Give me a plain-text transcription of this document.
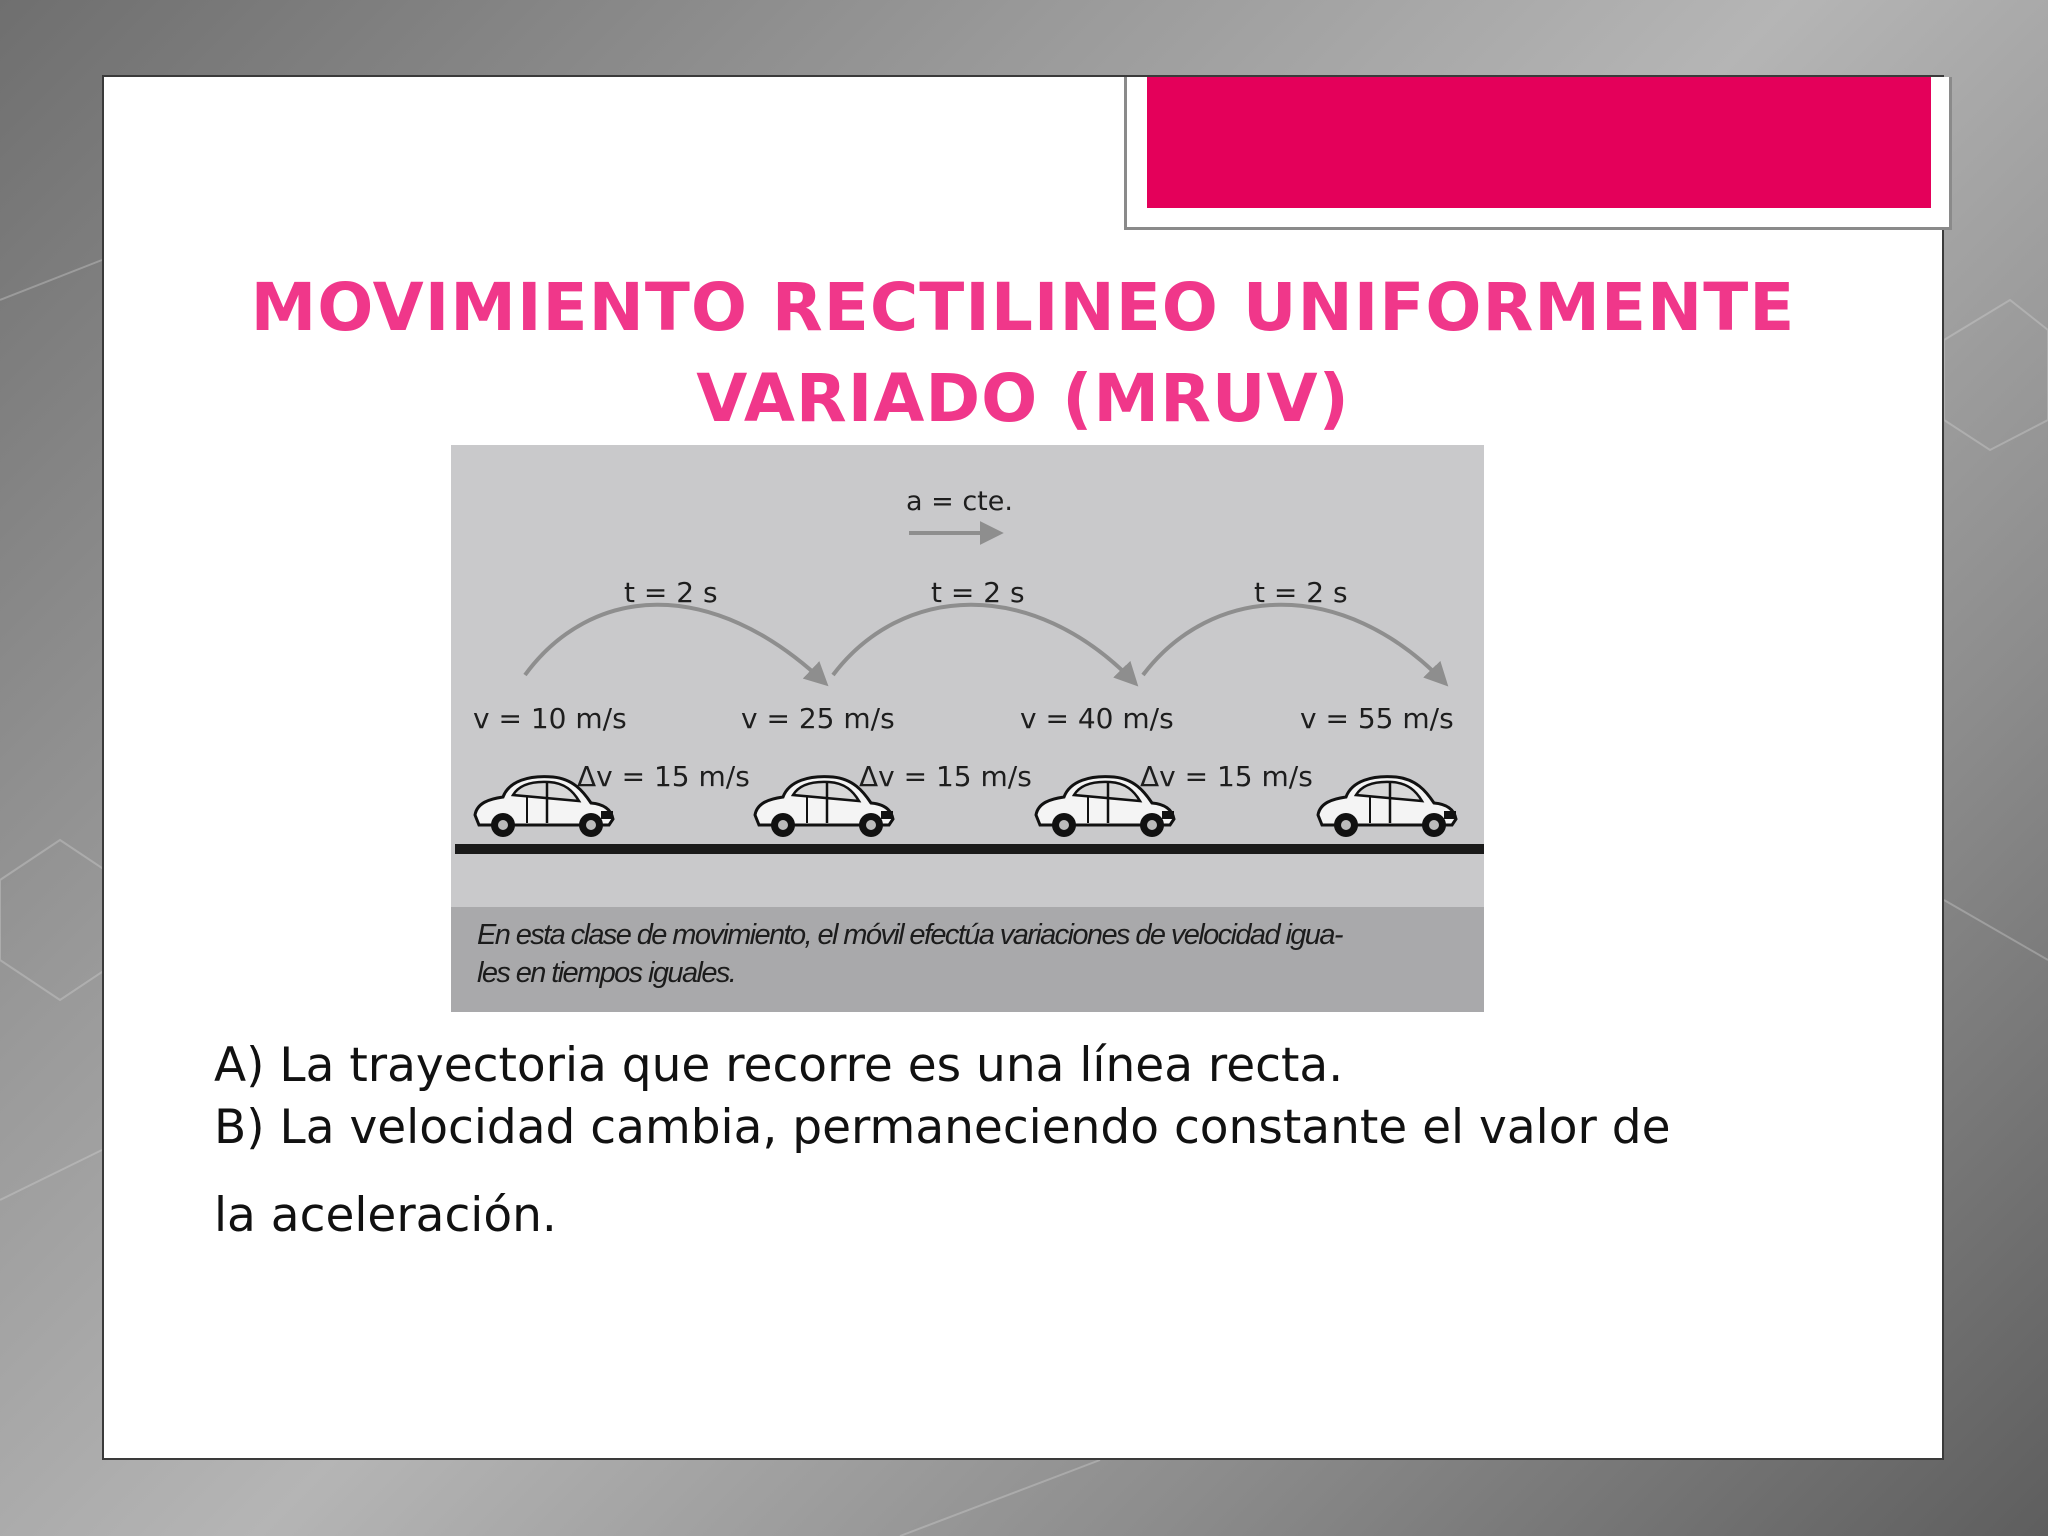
MOVIMIENTO RECTILINEO UNIFORMENTE
VARIADO (MRUV)
a = cte.
t = 2 s	t = 2 s	t = 2 s
v = 10 m/s	v = 25 m/s	v = 40 m/s	v = 55 m/s
Δv = 15 m/s	Δv = 15 m/s	Δv = 15 m/s

En esta clase de movimiento, el móvil efectúa variaciones de velocidad igua-
les en tiempos iguales.

A) La trayectoria que recorre es una línea recta.

B) La velocidad cambia, permaneciendo constante el valor de

la aceleración.
